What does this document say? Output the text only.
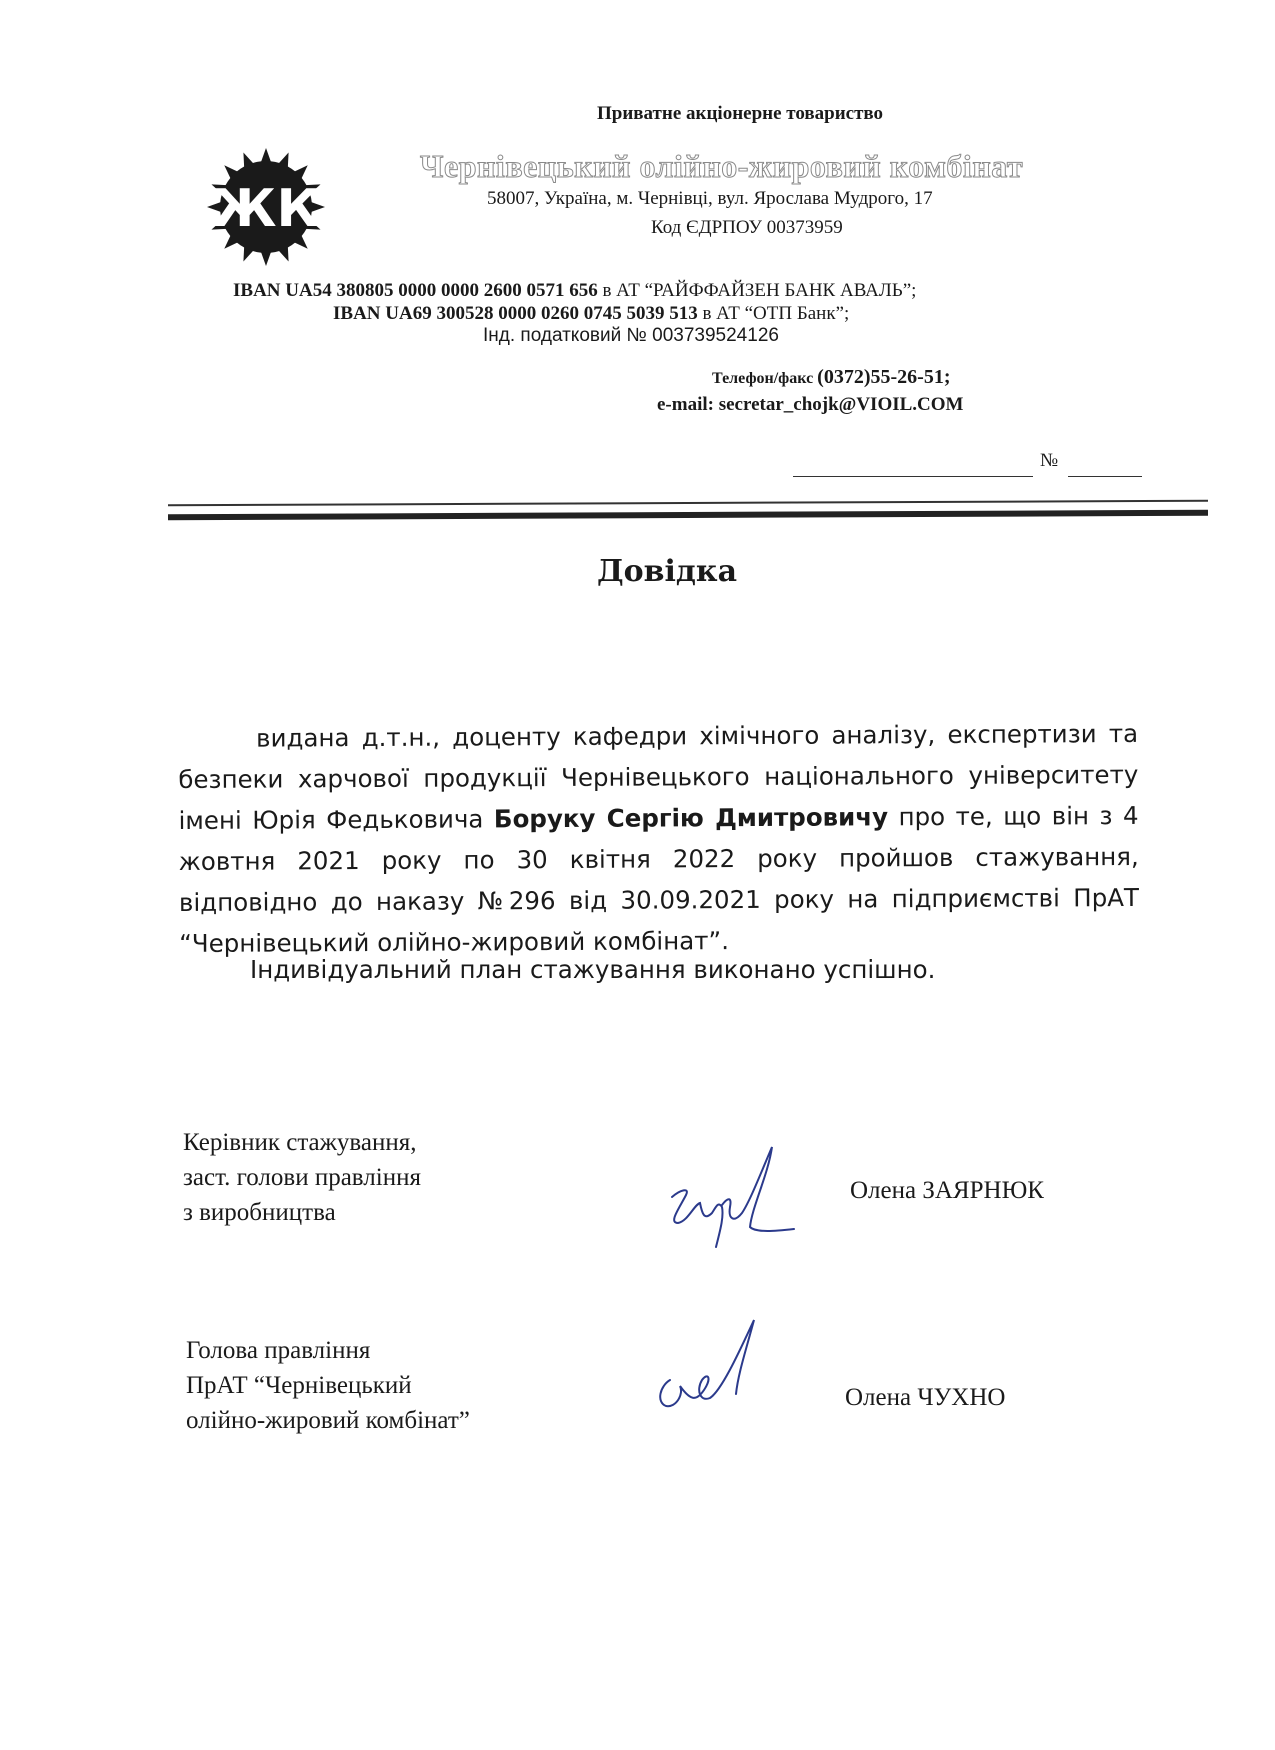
Приватне акціонерне товариство
ЖК
Чернівецький олійно-жировий комбінат
58007, Україна, м. Чернівці, вул. Ярослава Мудрого, 17
Код ЄДРПОУ 00373959
IBAN UA54 380805 0000 0000 2600 0571 656 в АТ “РАЙФФАЙЗЕН БАНК АВАЛЬ”;
IBAN UA69 300528 0000 0260 0745 5039 513 в АТ “ОТП Банк”;
Інд. податковий № 003739524126
Телефон/факс (0372)55-26-51;
e-mail: secretar_chojk@VIOIL.COM
№
Довідка
видана д.т.н., доценту кафедри хімічного аналізу, експертизи та безпеки харчової продукції Чернівецького національного університету імені Юрія Федьковича Боруку Сергію Дмитровичу про те, що він з 4 жовтня 2021 року по 30 квітня 2022 року пройшов стажування, відповідно до наказу №296 від 30.09.2021 року на підприємстві ПрАТ “Чернівецький олійно-жировий комбінат”.
Індивідуальний план стажування виконано успішно.
Керівник стажування,
заст. голови правління
з виробництва
Олена ЗАЯРНЮК
Голова правління
ПрАТ “Чернівецький
олійно-жировий комбінат”
Олена ЧУХНО
